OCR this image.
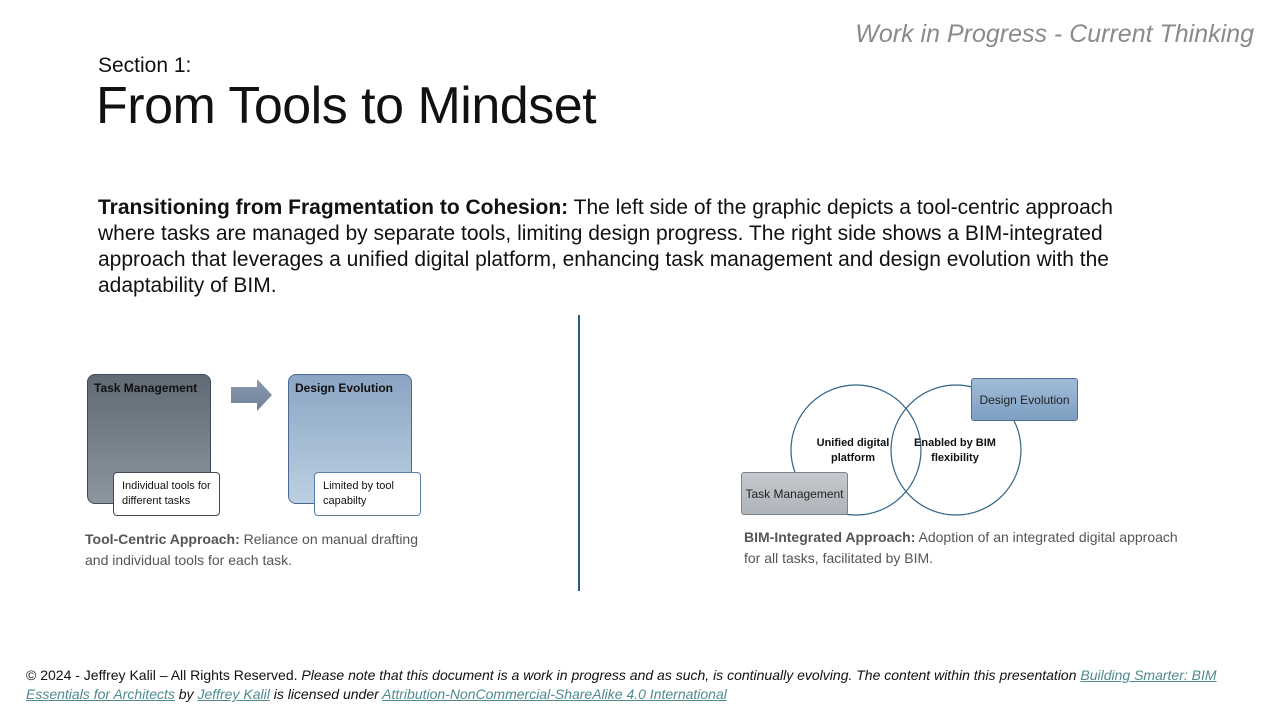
Work in Progress - Current Thinking
Section 1:
From Tools to Mindset
Transitioning from Fragmentation to Cohesion: The left side of the graphic depicts a tool-centric approach where tasks are managed by separate tools, limiting design progress. The right side shows a BIM-integrated approach that leverages a unified digital platform, enhancing task management and design evolution with the adaptability of BIM.
Task Management
Individual tools for different tasks
Design Evolution
Limited by tool capabilty
Tool-Centric Approach: Reliance on manual drafting and individual tools for each task.
Unified digital platform
Enabled by BIM flexibility
Task Management
Design Evolution
BIM-Integrated Approach: Adoption of an integrated digital approach for all tasks, facilitated by BIM.
© 2024 - Jeffrey Kalil – All Rights Reserved. Please note that this document is a work in progress and as such, is continually evolving. The content within this presentation Building Smarter: BIM Essentials for Architects by Jeffrey Kalil is licensed under Attribution-NonCommercial-ShareAlike 4.0 International
